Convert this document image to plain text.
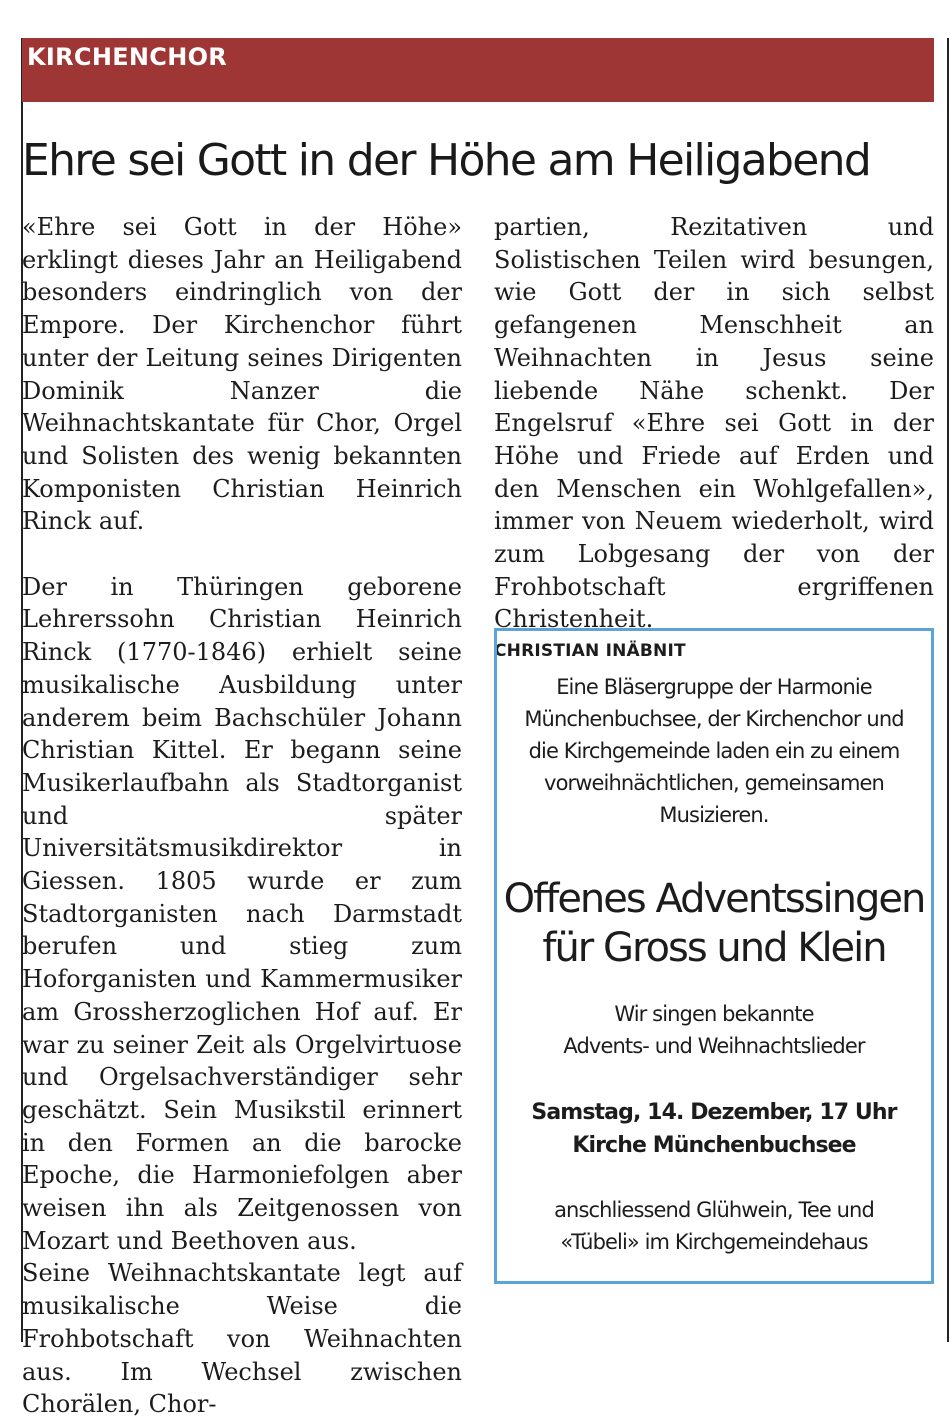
KIRCHENCHOR
Ehre sei Gott in der Höhe am Heiligabend

«Ehre sei Gott in der Höhe» erklingt dieses Jahr an Heiligabend besonders eindringlich von der Empore. Der Kirchenchor führt unter der Leitung seines Dirigenten Dominik Nanzer die Weihnachtskantate für Chor, Orgel und Solisten des wenig bekannten Komponisten Christian Heinrich Rinck auf.

Der in Thüringen geborene Lehrerssohn Christian Heinrich Rinck (1770-1846) erhielt seine musikalische Ausbildung unter anderem beim Bachschüler Johann Christian Kittel. Er begann seine Musikerlaufbahn als Stadtorganist und später Universitätsmusikdirektor in Giessen. 1805 wurde er zum Stadtorganisten nach Darmstadt berufen und stieg zum Hoforganisten und Kammermusiker am Grossherzoglichen Hof auf. Er war zu seiner Zeit als Orgelvirtuose und Orgelsachverständiger sehr geschätzt. Sein Musikstil erinnert in den Formen an die barocke Epoche, die Harmoniefolgen aber weisen ihn als Zeitgenossen von Mozart und Beethoven aus.

Seine Weihnachtskantate legt auf musikalische Weise die Frohbotschaft von Weihnachten aus. Im Wechsel zwischen Chorälen, Chor-

partien, Rezitativen und Solistischen Teilen wird besungen, wie Gott der in sich selbst gefangenen Menschheit an Weihnachten in Jesus seine liebende Nähe schenkt. Der Engelsruf «Ehre sei Gott in der Höhe und Friede auf Erden und den Menschen ein Wohlgefallen», immer von Neuem wiederholt, wird zum Lobgesang der von der Frohbotschaft ergriffenen Christenheit.

CHRISTIAN INÄBNIT

Eine Bläsergruppe der Harmonie Münchenbuchsee, der Kirchenchor und die Kirchgemeinde laden ein zu einem vorweihnächtlichen, gemeinsamen Musizieren.

Offenes Adventssingen

für Gross und Klein

Wir singen bekannte

Advents- und Weihnachtslieder

Samstag, 14. Dezember, 17 Uhr

Kirche Münchenbuchsee

anschliessend Glühwein, Tee und

«Tübeli» im Kirchgemeindehaus
